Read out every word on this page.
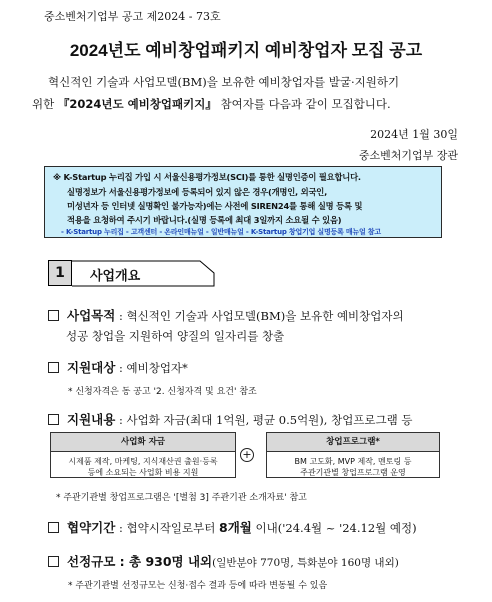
중소벤처기업부 공고 제2024 - 73호
2024년도 예비창업패키지 예비창업자 모집 공고
혁신적인 기술과 사업모델(BM)을 보유한 예비창업자를 발굴·지원하기
위한 『2024년도 예비창업패키지』 참여자를 다음과 같이 모집합니다.
2024년 1월 30일
중소벤처기업부 장관
※ K-Startup 누리집 가입 시 서울신용평가정보(SCI)를 통한 실명인증이 필요합니다.
실명정보가 서울신용평가정보에 등록되어 있지 않은 경우(개명인, 외국인,
미성년자 등 인터넷 실명확인 불가능자)에는 사전에 SIREN24를 통해 실명 등록 및
적용을 요청하여 주시기 바랍니다.(실명 등록에 최대 3일까지 소요될 수 있음)
- K-Startup 누리집 - 고객센터 - 온라인매뉴얼 - 일반매뉴얼 - K-Startup 창업기업 실명등록 매뉴얼 참고
1	사업개요
사업목적 : 혁신적인 기술과 사업모델(BM)을 보유한 예비창업자의
성공 창업을 지원하여 양질의 일자리를 창출
지원대상 : 예비창업자*
* 신청자격은 동 공고 '2. 신청자격 및 요건' 참조
지원내용 : 사업화 자금(최대 1억원, 평균 0.5억원), 창업프로그램 등
사업화 자금
시제품 제작, 마케팅, 지식재산권 출원·등록
등에 소요되는 사업화 비용 지원
+
창업프로그램*
BM 고도화, MVP 제작, 멘토링 등
주관기관별 창업프로그램 운영
* 주관기관별 창업프로그램은 '[별첨 3] 주관기관 소개자료' 참고
협약기간 : 협약시작일로부터 8개월 이내('24.4월 ~ '24.12월 예정)
선정규모 : 총 930명 내외(일반분야 770명, 특화분야 160명 내외)
* 주관기관별 선정규모는 신청·접수 결과 등에 따라 변동될 수 있음
